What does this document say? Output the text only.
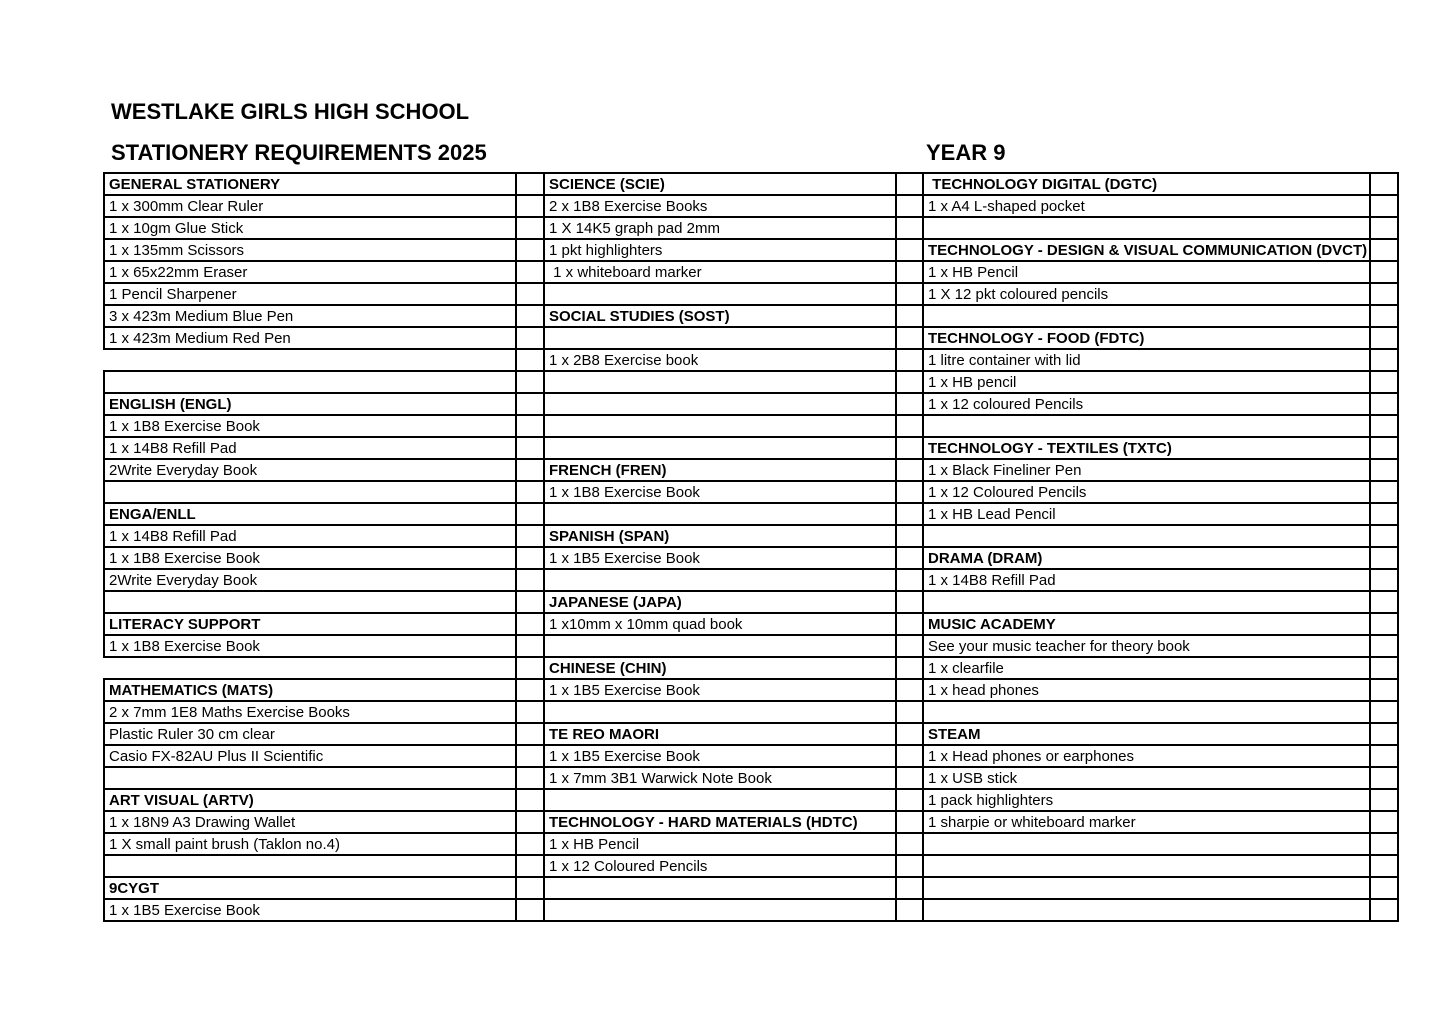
WESTLAKE GIRLS HIGH SCHOOL
STATIONERY REQUIREMENTS 2025	YEAR 9
GENERAL STATIONERY		SCIENCE (SCIE)		TECHNOLOGY DIGITAL (DGTC)	
1 x 300mm Clear Ruler		2 x 1B8 Exercise Books		1 x A4 L-shaped pocket	
1 x 10gm Glue Stick		1 X 14K5 graph pad 2mm			
1 x 135mm Scissors		1 pkt highlighters		TECHNOLOGY - DESIGN & VISUAL COMMUNICATION (DVCT)	
1 x 65x22mm Eraser		1 x whiteboard marker		1 x HB Pencil	
1 Pencil Sharpener				1 X 12 pkt coloured pencils	
3 x 423m Medium Blue Pen		SOCIAL STUDIES (SOST)			
1 x 423m Medium Red Pen				TECHNOLOGY - FOOD (FDTC)	
		1 x 2B8 Exercise book		1 litre container with lid	
				1 x HB pencil	
ENGLISH (ENGL)				1 x 12 coloured Pencils	
1 x 1B8 Exercise Book					
1 x 14B8 Refill Pad				TECHNOLOGY - TEXTILES (TXTC)	
2Write Everyday Book		FRENCH (FREN)		1 x Black Fineliner Pen	
		1 x 1B8 Exercise Book		1 x 12 Coloured Pencils	
ENGA/ENLL				1 x HB Lead Pencil	
1 x 14B8 Refill Pad		SPANISH (SPAN)			
1 x 1B8 Exercise Book		1 x 1B5 Exercise Book		DRAMA (DRAM)	
2Write Everyday Book				1 x 14B8 Refill Pad	
		JAPANESE (JAPA)			
LITERACY SUPPORT		1 x10mm x 10mm quad book		MUSIC ACADEMY	
1 x 1B8 Exercise Book				See your music teacher for theory book	
		CHINESE (CHIN)		1 x clearfile	
MATHEMATICS (MATS)		1 x 1B5 Exercise Book		1 x head phones	
2 x 7mm 1E8 Maths Exercise Books					
Plastic Ruler 30 cm clear		TE REO MAORI		STEAM	
Casio FX-82AU Plus II Scientific		1 x 1B5 Exercise Book		1 x Head phones or earphones	
		1 x 7mm 3B1 Warwick Note Book		1 x USB stick	
ART VISUAL (ARTV)				1 pack highlighters	
1 x 18N9 A3 Drawing Wallet		TECHNOLOGY - HARD MATERIALS (HDTC)		1 sharpie or whiteboard marker	
1 X small paint brush (Taklon no.4)		1 x HB Pencil			
		1 x 12 Coloured Pencils			
9CYGT					
1 x 1B5 Exercise Book					
